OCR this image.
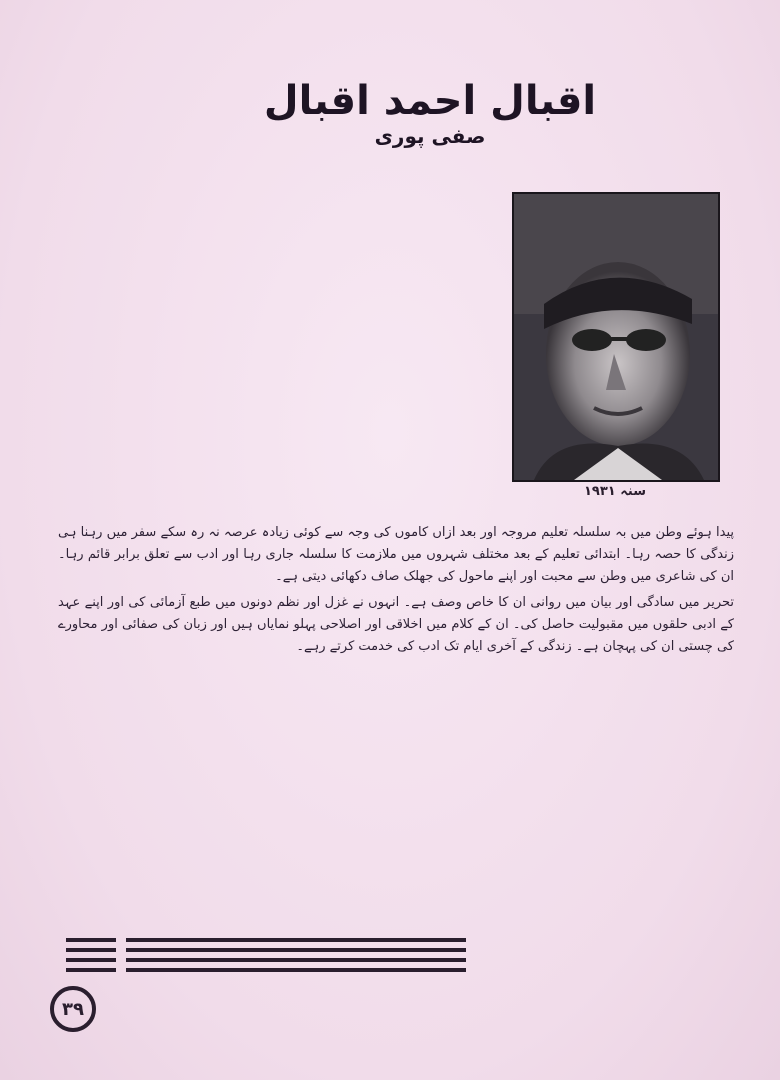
اقبال احمد اقبال
صفی پوری
سنہ ۱۹۳۱

پیدا ہوئے وطن میں بہ سلسلہ تعلیم مروجہ اور بعد ازاں کاموں کی وجہ سے کوئی زیادہ عرصہ نہ رہ سکے سفر میں رہنا ہی زندگی کا حصہ رہا۔ ابتدائی تعلیم کے بعد مختلف شہروں میں ملازمت کا سلسلہ جاری رہا اور ادب سے تعلق برابر قائم رہا۔ ان کی شاعری میں وطن سے محبت اور اپنے ماحول کی جھلک صاف دکھائی دیتی ہے۔

تحریر میں سادگی اور بیان میں روانی ان کا خاص وصف ہے۔ انہوں نے غزل اور نظم دونوں میں طبع آزمائی کی اور اپنے عہد کے ادبی حلقوں میں مقبولیت حاصل کی۔ ان کے کلام میں اخلاقی اور اصلاحی پہلو نمایاں ہیں اور زبان کی صفائی اور محاورے کی چستی ان کی پہچان ہے۔ زندگی کے آخری ایام تک ادب کی خدمت کرتے رہے۔

٣٩
